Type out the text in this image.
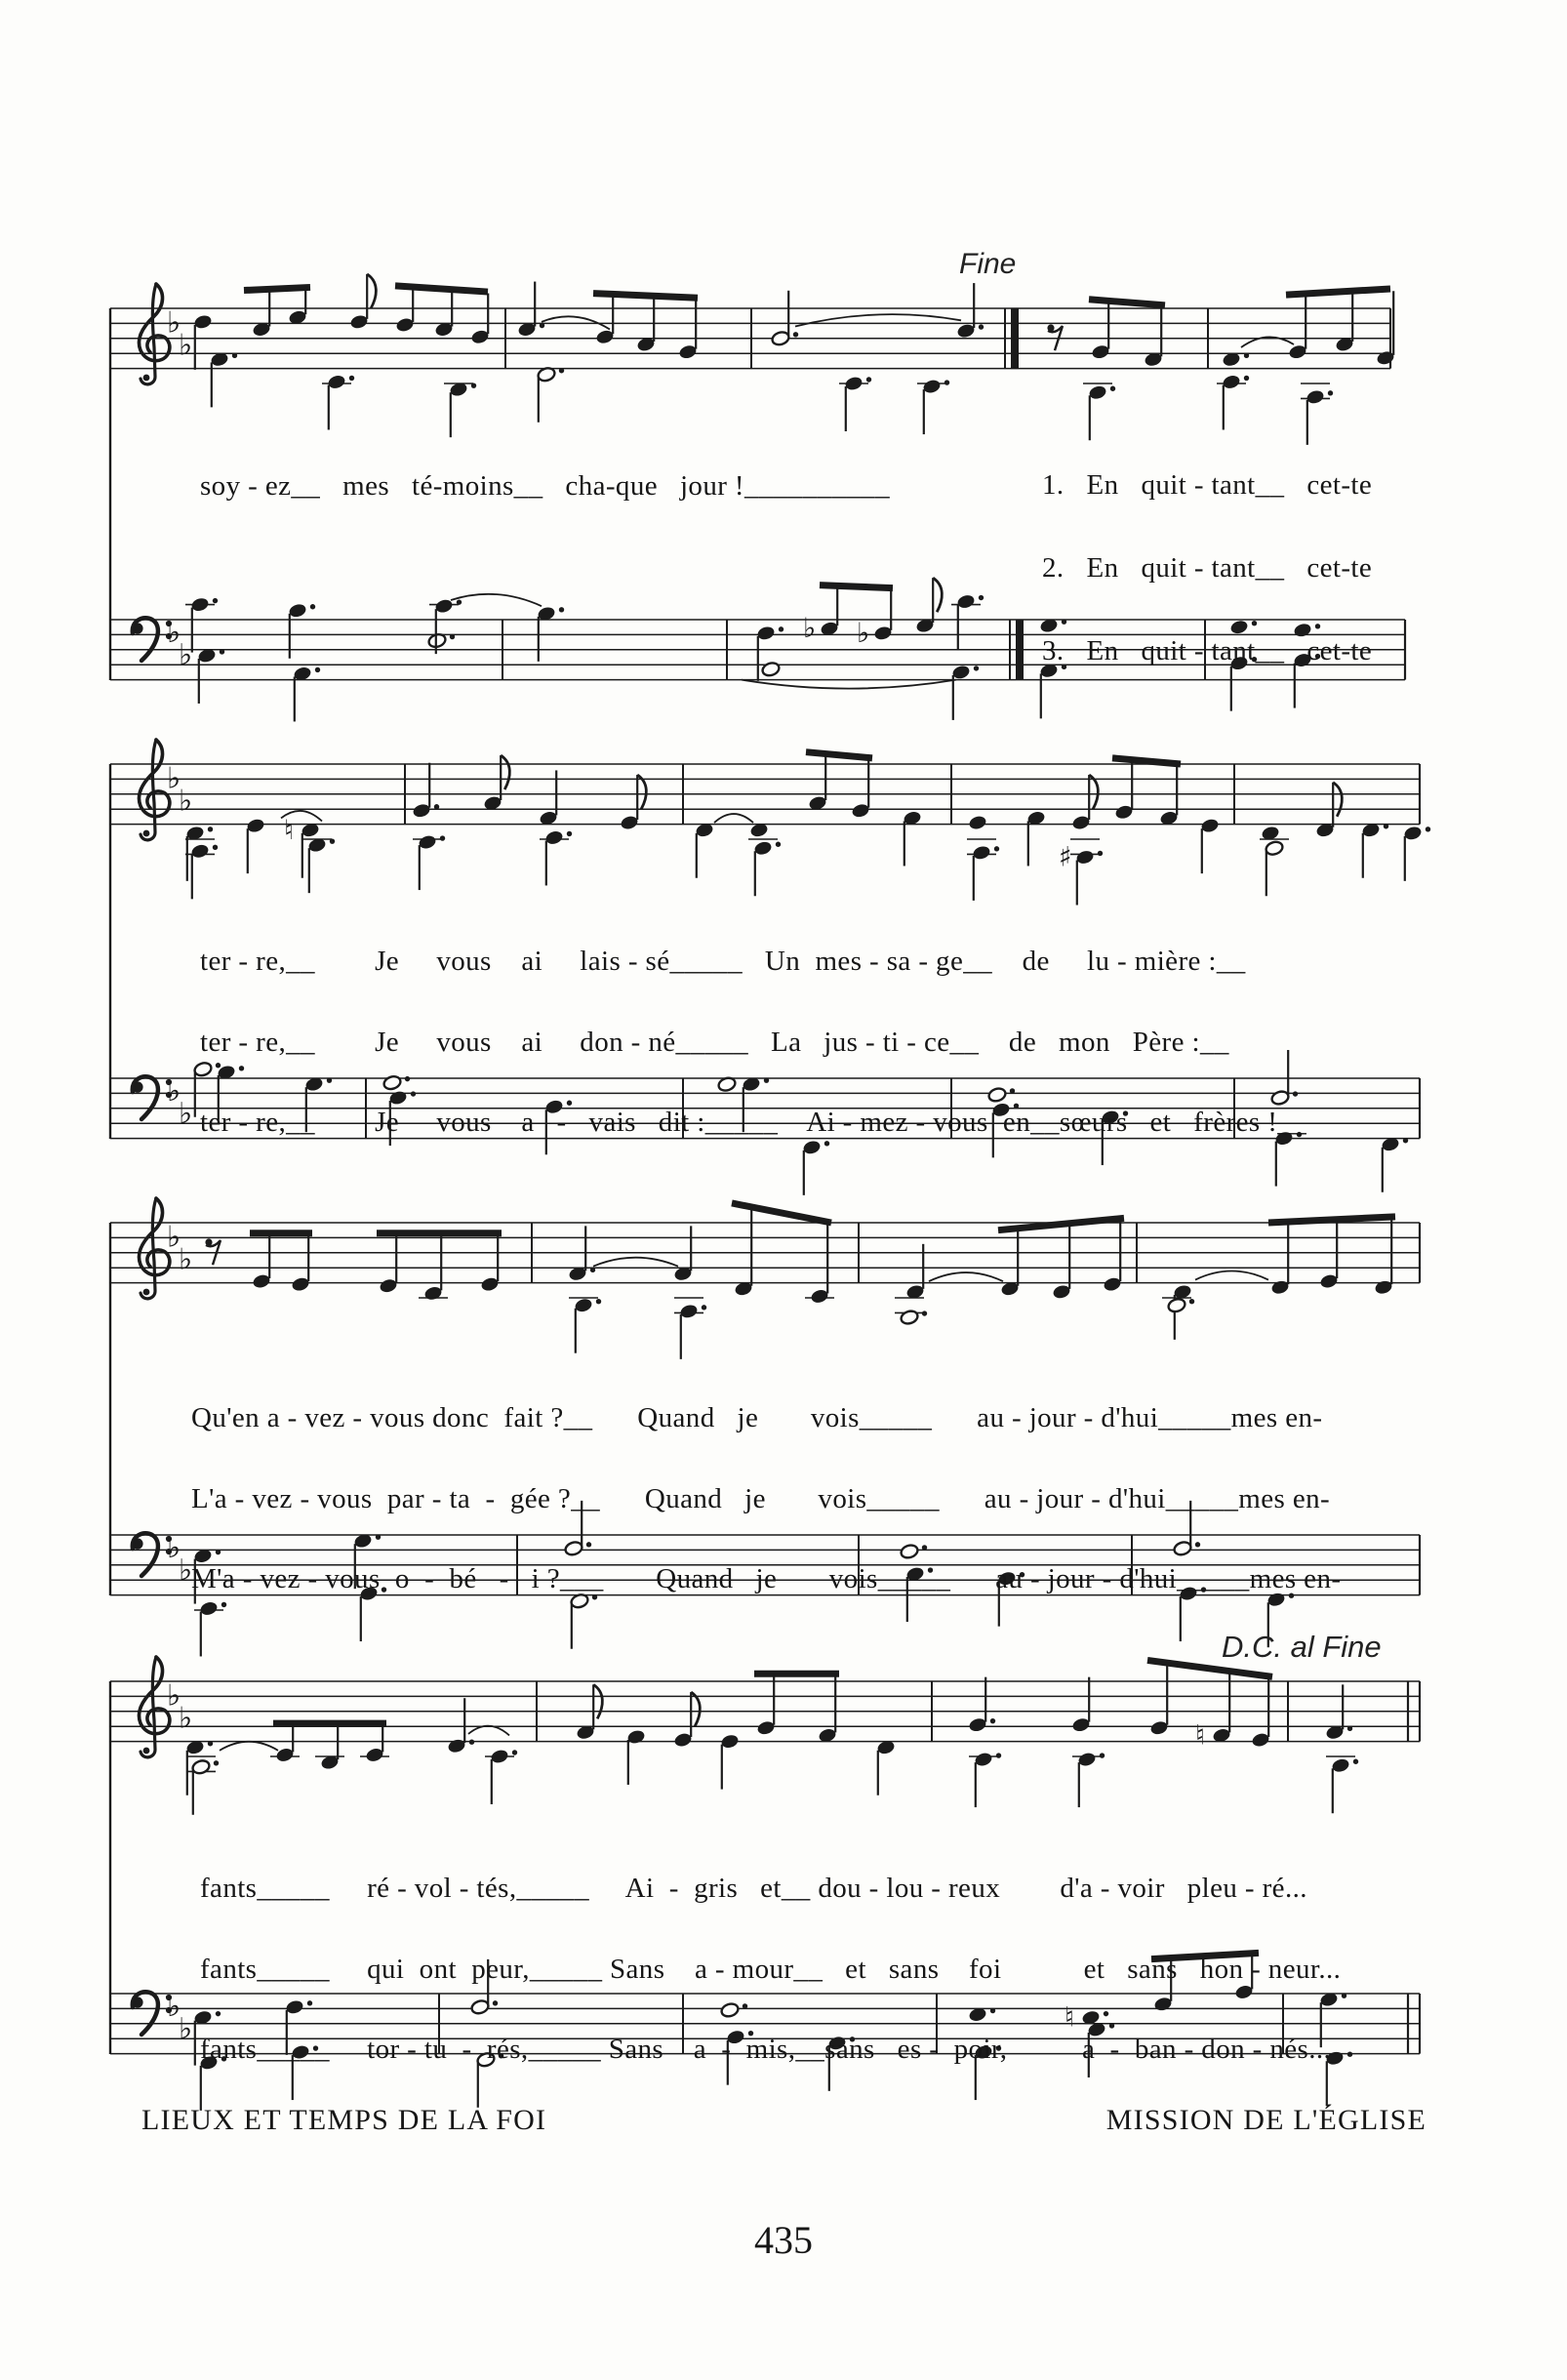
♭
♭
♭
♭
♭ ♭
♭
♭
♮
♯
♭
♭
♭
♭
♭
♭
♭
♭	♮
♭
♭	♮
Fine
D.C. al Fine
soy - ez__   mes   té-moins__   cha-que   jour !__________

	1.   En   quit - tant__   cet-te

2.   En   quit - tant__   cet-te

3.   En   quit - tant__   cet-te

ter - re,__        Je     vous    ai     lais - sé_____   Un  mes - sa - ge__    de     lu - mière :__

ter - re,__        Je     vous    ai     don - né_____   La   jus - ti - ce__    de   mon   Père :__

ter - re,__        Je     vous    a   -   vais   dit :_____    Ai - mez - vous  en__sœurs   et   frères !__

Qu'en a - vez - vous donc  fait ?__      Quand   je       vois_____      au - jour - d'hui_____mes en-

L'a - vez - vous  par - ta  -  gée ?__      Quand   je       vois_____      au - jour - d'hui_____mes en-

M'a - vez - vous  o  -  bé   -   i ?___       Quand   je       vois_____      au - jour - d'hui_____mes en-

fants_____     ré - vol - tés,_____     Ai  -  gris   et__ dou - lou - reux        d'a - voir   pleu - ré...

fants_____     qui  ont  peur,_____ Sans    a - mour__   et   sans    foi           et   sans   hon - neur...

fants_____     tor - tu  -  rés,_____ Sans    a  -  mis,__sans   es -  poir,          a  -  ban - don - nés...

LIEUX ET TEMPS DE LA FOI	MISSION DE L'ÉGLISE
435
